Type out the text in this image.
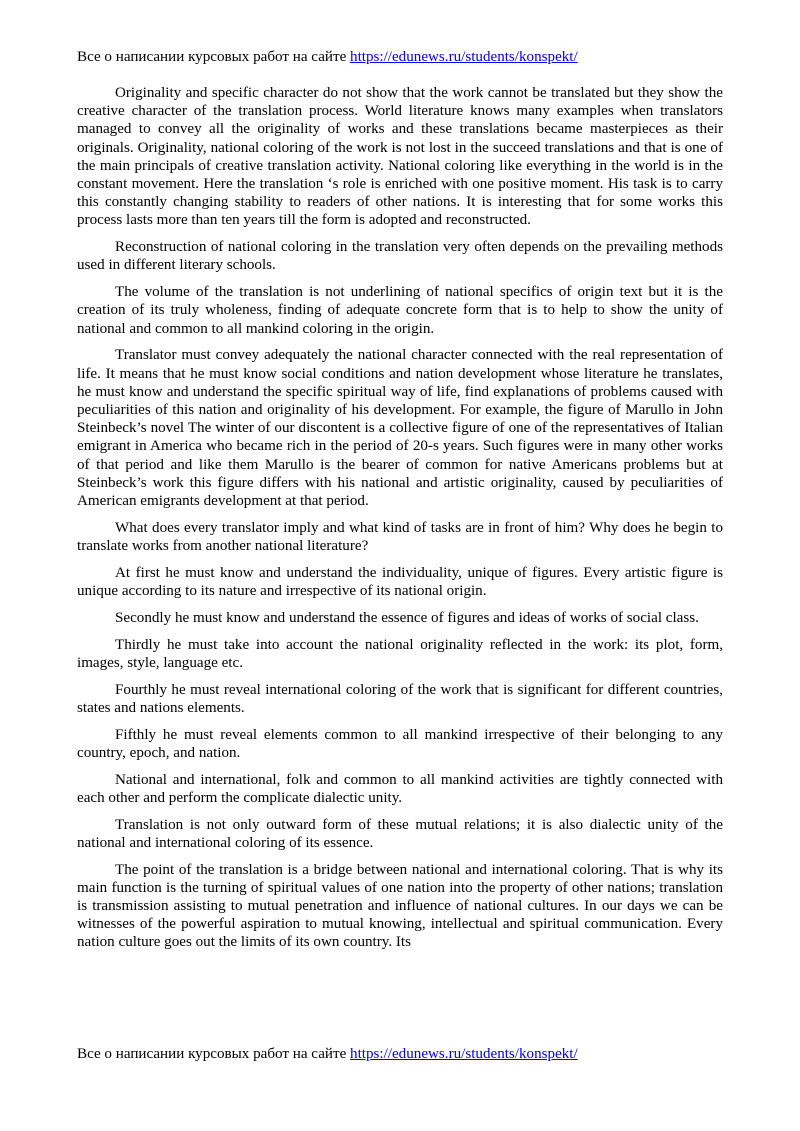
Все о написании курсовых работ на сайте https://edunews.ru/students/konspekt/

Originality and specific character do not show that the work cannot be translated but they show the creative character of the translation process. World literature knows many examples when translators managed to convey all the originality of works and these translations became masterpieces as their originals. Originality, national coloring of the work is not lost in the succeed translations and that is one of the main principals of creative translation activity. National coloring like everything in the world is in the constant movement. Here the translation ‘s role is enriched with one positive moment. His task is to carry this constantly changing stability to readers of other nations. It is interesting that for some works this process lasts more than ten years till the form is adopted and reconstructed.

Reconstruction of national coloring in the translation very often depends on the prevailing methods used in different literary schools.

The volume of the translation is not underlining of national specifics of origin text but it is the creation of its truly wholeness, finding of adequate concrete form that is to help to show the unity of national and common to all mankind coloring in the origin.

Translator must convey adequately the national character connected with the real representation of life. It means that he must know social conditions and nation development whose literature he translates, he must know and understand the specific spiritual way of life, find explanations of problems caused with peculiarities of this nation and originality of his development. For example, the figure of Marullo in John Steinbeck’s novel The winter of our discontent is a collective figure of one of the representatives of Italian emigrant in America who became rich in the period of 20-s years. Such figures were in many other works of that period and like them Marullo is the bearer of common for native Americans problems but at Steinbeck’s work this figure differs with his national and artistic originality, caused by peculiarities of American emigrants development at that period.

What does every translator imply and what kind of tasks are in front of him? Why does he begin to translate works from another national literature?

At first he must know and understand the individuality, unique of figures. Every artistic figure is unique according to its nature and irrespective of its national origin.

Secondly he must know and understand the essence of figures and ideas of works of social class.

Thirdly he must take into account the national originality reflected in the work: its plot, form, images, style, language etc.

Fourthly he must reveal international coloring of the work that is significant for different countries, states and nations elements.

Fifthly he must reveal elements common to all mankind irrespective of their belonging to any country, epoch, and nation.

National and international, folk and common to all mankind activities are tightly connected with each other and perform the complicate dialectic unity.

Translation is not only outward form of these mutual relations; it is also dialectic unity of the national and international coloring of its essence.

The point of the translation is a bridge between national and international coloring. That is why its main function is the turning of spiritual values of one nation into the property of other nations; translation is transmission assisting to mutual penetration and influence of national cultures. In our days we can be witnesses of the powerful aspiration to mutual knowing, intellectual and spiritual communication. Every nation culture goes out the limits of its own country. Its

Все о написании курсовых работ на сайте https://edunews.ru/students/konspekt/
